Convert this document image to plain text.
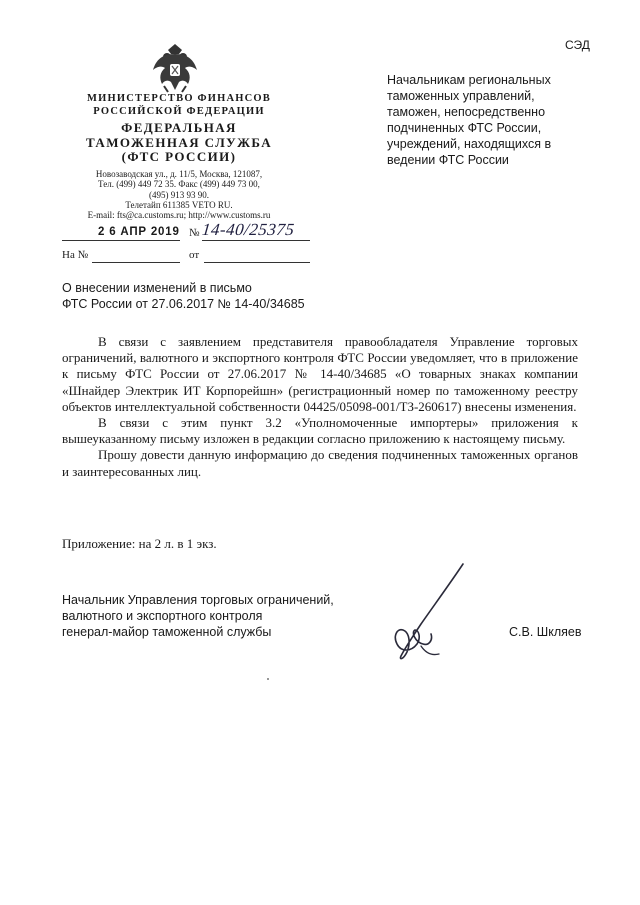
СЭД
МИНИСТЕРСТВО ФИНАНСОВ
РОССИЙСКОЙ ФЕДЕРАЦИИ
ФЕДЕРАЛЬНАЯ
ТАМОЖЕННАЯ СЛУЖБА
(ФТС РОССИИ)
Новозаводская ул., д. 11/5, Москва, 121087,
Тел. (499) 449 72 35. Факс (499) 449 73 00,
(495) 913 93 90.
Телетайп 611385 VETO RU.
E-mail: fts@ca.customs.ru; http://www.customs.ru
2 6 АПР 2019 № 14-40/25375
На №	от
Начальникам региональных
таможенных управлений,
таможен, непосредственно
подчиненных ФТС России,
учреждений, находящихся в
ведении ФТС России
О внесении изменений в письмо
ФТС России от 27.06.2017 № 14-40/34685

В связи с заявлением представителя правообладателя Управление торговых ограничений, валютного и экспортного контроля ФТС России уведомляет, что в приложение к письму ФТС России от 27.06.2017 № 14-40/34685 «О товарных знаках компании «Шнайдер Электрик ИТ Корпорейшн» (регистрационный номер по таможенному реестру объектов интеллектуальной собственности 04425/05098-001/ТЗ-260617) внесены изменения.

В связи с этим пункт 3.2 «Уполномоченные импортеры» приложения к вышеуказанному письму изложен в редакции согласно приложению к настоящему письму.

Прошу довести данную информацию до сведения подчиненных таможенных органов и заинтересованных лиц.

Приложение: на 2 л. в 1 экз.
Начальник Управления торговых ограничений,
валютного и экспортного контроля
генерал-майор таможенной службы	С.В. Шкляев
